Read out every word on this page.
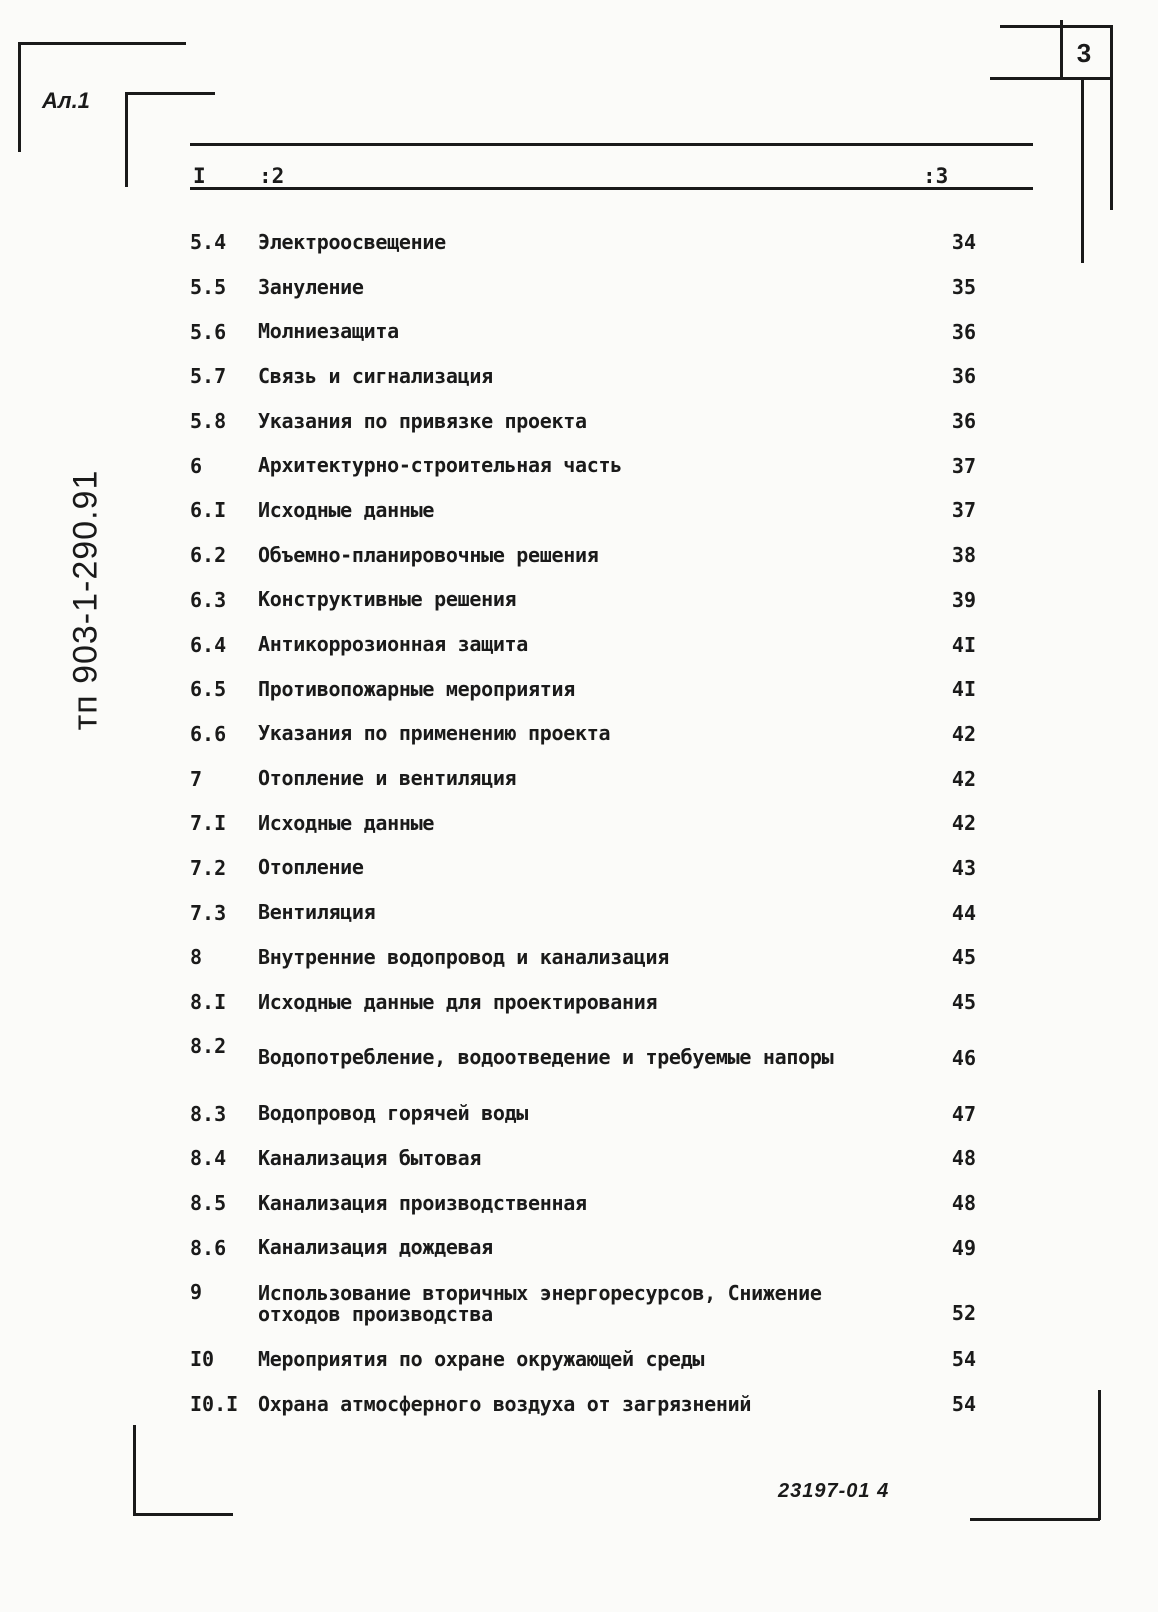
3
Ал.1
тп 903-1-290.91
I	:2	:3
5.4	Электроосвещение	34
5.5	Зануление	35
5.6	Молниезащита	36
5.7	Связь и сигнализация	36
5.8	Указания по привязке проекта	36
6	Архитектурно-строительная часть	37
6.I	Исходные данные	37
6.2	Объемно-планировочные решения	38
6.3	Конструктивные решения	39
6.4	Антикоррозионная защита	4I
6.5	Противопожарные мероприятия	4I
6.6	Указания по применению проекта	42
7	Отопление и вентиляция	42
7.I	Исходные данные	42
7.2	Отопление	43
7.3	Вентиляция	44
8	Внутренние водопровод и канализация	45
8.I	Исходные данные для проектирования	45
8.2	Водопотребление, водоотведение и требуемые напоры	46
8.3	Водопровод горячей воды	47
8.4	Канализация бытовая	48
8.5	Канализация производственная	48
8.6	Канализация дождевая	49
9	Использование вторичных энергоресурсов, Снижение отходов производства	52
I0	Мероприятия по охране окружающей среды	54
I0.I Охрана атмосферного воздуха от загрязнений	54
23197-01 4
